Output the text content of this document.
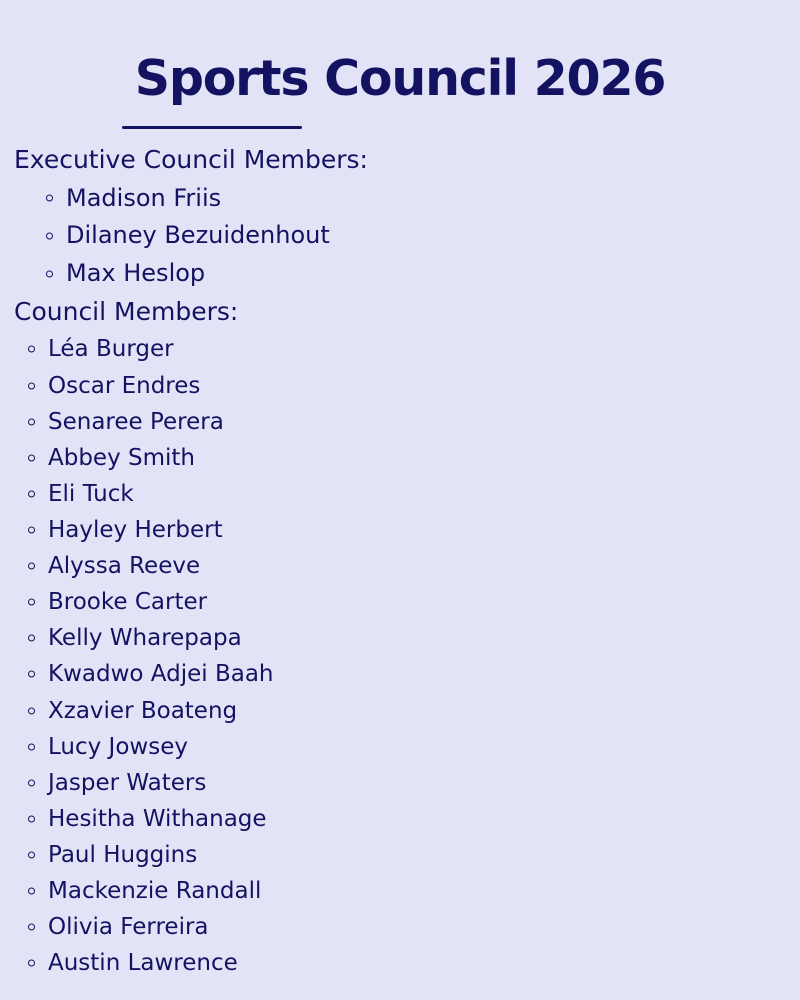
Sports Council 2026
Executive Council Members:
Madison Friis
Dilaney Bezuidenhout
Max Heslop
Council Members:
Léa Burger
Oscar Endres
Senaree Perera
Abbey Smith
Eli Tuck
Hayley Herbert
Alyssa Reeve
Brooke Carter
Kelly Wharepapa
Kwadwo Adjei Baah
Xzavier Boateng
Lucy Jowsey
Jasper Waters
Hesitha Withanage
Paul Huggins
Mackenzie Randall
Olivia Ferreira
Austin Lawrence
